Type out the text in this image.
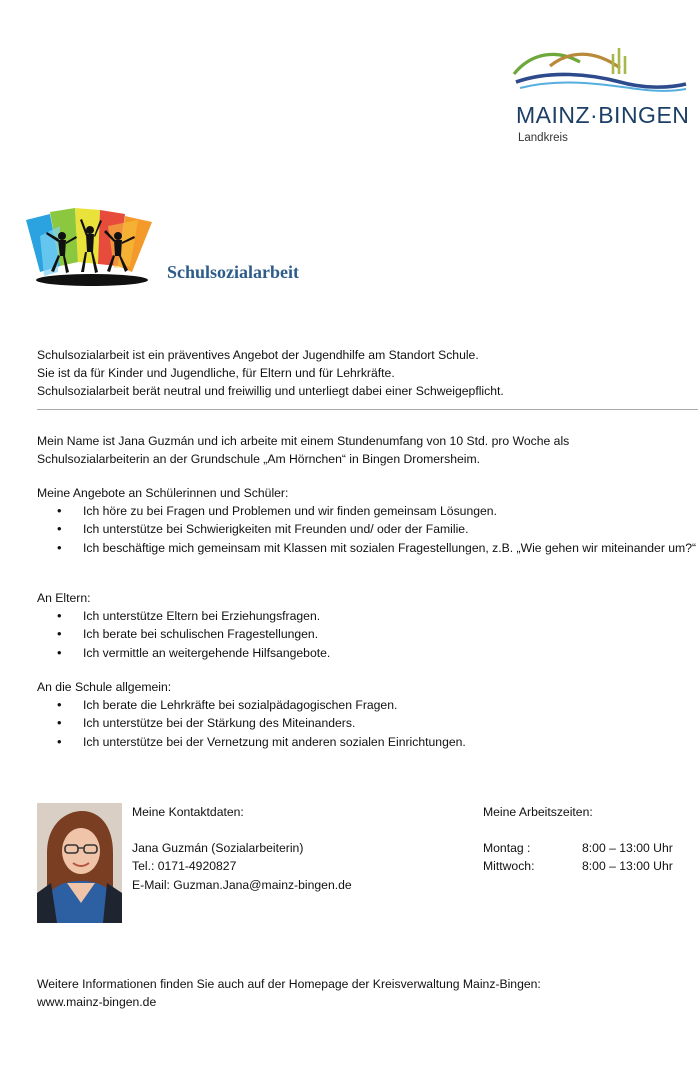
MAINZ·BINGEN
Landkreis
Schulsozialarbeit
Schulsozialarbeit ist ein präventives Angebot der Jugendhilfe am Standort Schule.
Sie ist da für Kinder und Jugendliche, für Eltern und für Lehrkräfte.
Schulsozialarbeit berät neutral und freiwillig und unterliegt dabei einer Schweigepflicht.
Mein Name ist Jana Guzmán und ich arbeite mit einem Stundenumfang von 10 Std. pro Woche als
Schulsozialarbeiterin an der Grundschule „Am Hörnchen“ in Bingen Dromersheim.
Meine Angebote an Schülerinnen und Schüler:
• Ich höre zu bei Fragen und Problemen und wir finden gemeinsam Lösungen.
• Ich unterstütze bei Schwierigkeiten mit Freunden und/ oder der Familie.
• Ich beschäftige mich gemeinsam mit Klassen mit sozialen Fragestellungen, z.B. „Wie gehen wir miteinander um?“
An Eltern:
• Ich unterstütze Eltern bei Erziehungsfragen.
• Ich berate bei schulischen Fragestellungen.
• Ich vermittle an weitergehende Hilfsangebote.
An die Schule allgemein:
• Ich berate die Lehrkräfte bei sozialpädagogischen Fragen.
• Ich unterstütze bei der Stärkung des Miteinanders.
• Ich unterstütze bei der Vernetzung mit anderen sozialen Einrichtungen.
Meine Kontaktdaten:
Jana Guzmán (Sozialarbeiterin)
Tel.: 0171-4920827
E-Mail: Guzman.Jana@mainz-bingen.de
Meine Arbeitszeiten:
Montag :	8:00 – 13:00 Uhr
Mittwoch:	8:00 – 13:00 Uhr
Weitere Informationen finden Sie auch auf der Homepage der Kreisverwaltung Mainz-Bingen:
www.mainz-bingen.de
